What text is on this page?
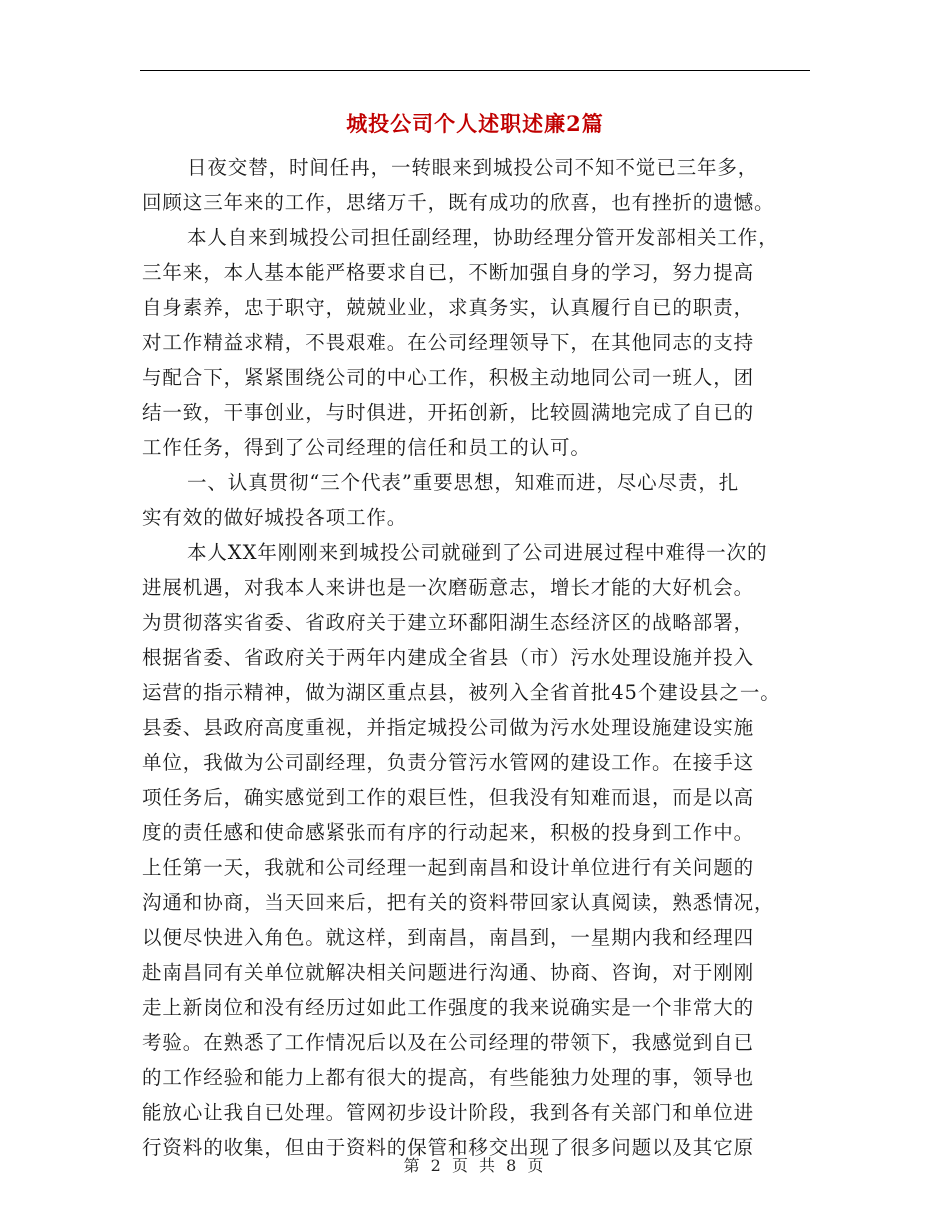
城投公司个人述职述廉2篇
日夜交替，时间任冉，一转眼来到城投公司不知不觉已三年多，
回顾这三年来的工作，思绪万千，既有成功的欣喜，也有挫折的遗憾。
本人自来到城投公司担任副经理，协助经理分管开发部相关工作，
三年来，本人基本能严格要求自已，不断加强自身的学习，努力提高
自身素养，忠于职守，兢兢业业，求真务实，认真履行自已的职责，
对工作精益求精，不畏艰难。在公司经理领导下，在其他同志的支持
与配合下，紧紧围绕公司的中心工作，积极主动地同公司一班人，团
结一致，干事创业，与时俱进，开拓创新，比较圆满地完成了自已的
工作任务，得到了公司经理的信任和员工的认可。
一、认真贯彻“三个代表”重要思想，知难而进，尽心尽责，扎
实有效的做好城投各项工作。
本人XX年刚刚来到城投公司就碰到了公司进展过程中难得一次的
进展机遇，对我本人来讲也是一次磨砺意志，增长才能的大好机会。
为贯彻落实省委、省政府关于建立环鄱阳湖生态经济区的战略部署，
根据省委、省政府关于两年内建成全省县（市）污水处理设施并投入
运营的指示精神，做为湖区重点县，被列入全省首批45个建设县之一。
县委、县政府高度重视，并指定城投公司做为污水处理设施建设实施
单位，我做为公司副经理，负责分管污水管网的建设工作。在接手这
项任务后，确实感觉到工作的艰巨性，但我没有知难而退，而是以高
度的责任感和使命感紧张而有序的行动起来，积极的投身到工作中。
上任第一天，我就和公司经理一起到南昌和设计单位进行有关问题的
沟通和协商，当天回来后，把有关的资料带回家认真阅读，熟悉情况，
以便尽快进入角色。就这样，到南昌，南昌到，一星期内我和经理四
赴南昌同有关单位就解决相关问题进行沟通、协商、咨询，对于刚刚
走上新岗位和没有经历过如此工作强度的我来说确实是一个非常大的
考验。在熟悉了工作情况后以及在公司经理的带领下，我感觉到自已
的工作经验和能力上都有很大的提高，有些能独力处理的事，领导也
能放心让我自已处理。管网初步设计阶段，我到各有关部门和单位进
行资料的收集，但由于资料的保管和移交出现了很多问题以及其它原
第 2 页 共 8 页
